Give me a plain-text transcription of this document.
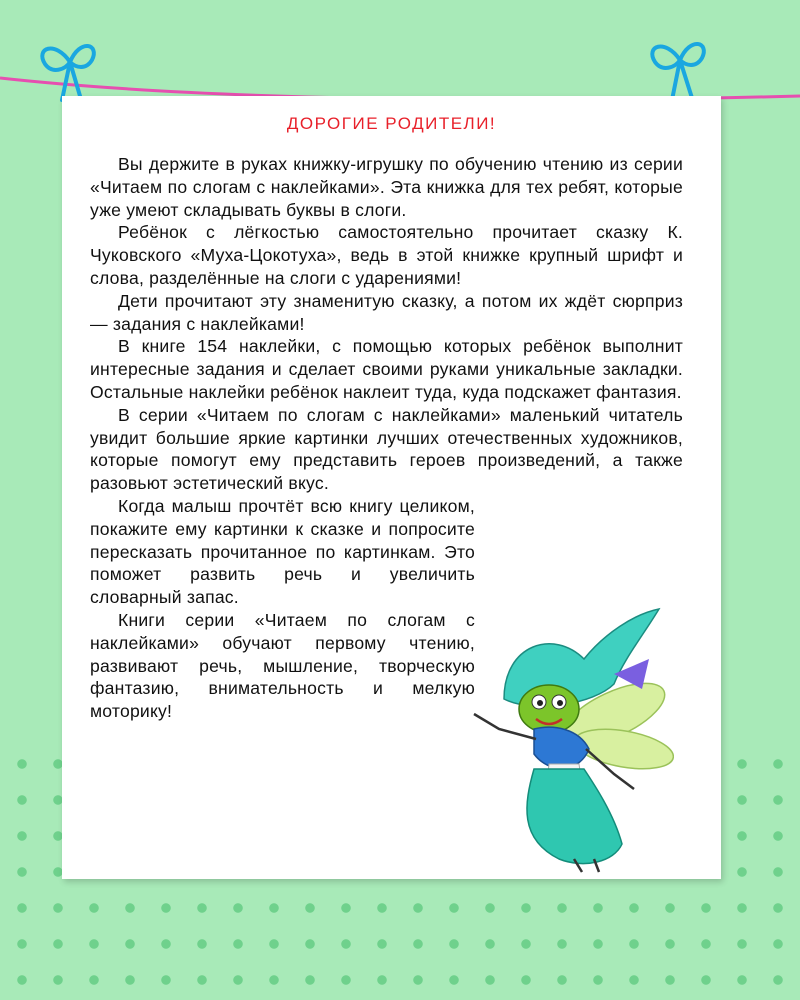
ДОРОГИЕ РОДИТЕЛИ!

Вы держите в руках книжку-игрушку по обучению чтению из серии «Читаем по слогам с наклейками». Эта книжка для тех ребят, которые уже умеют складывать буквы в слоги.

Ребёнок с лёгкостью самостоятельно прочитает сказку К. Чуковского «Муха-Цокотуха», ведь в этой книжке крупный шрифт и слова, разделённые на слоги с ударениями!

Дети прочитают эту знаменитую сказку, а потом их ждёт сюрприз — задания с наклейками!

В книге 154 наклейки, с помощью которых ребёнок выполнит интересные задания и сделает своими руками уникальные закладки. Остальные наклейки ребёнок наклеит туда, куда подскажет фантазия.

В серии «Читаем по слогам с наклейками» маленький читатель увидит большие яркие картинки лучших отечественных художников, которые помогут ему представить героев произведений, а также разовьют эстетический вкус.

Когда малыш прочтёт всю книгу целиком, покажите ему картинки к сказке и попросите пересказать прочитанное по картинкам. Это поможет развить речь и увеличить словарный запас.

Книги серии «Читаем по слогам с наклейками» обучают первому чтению, развивают речь, мышление, творческую фантазию, внимательность и мелкую моторику!
